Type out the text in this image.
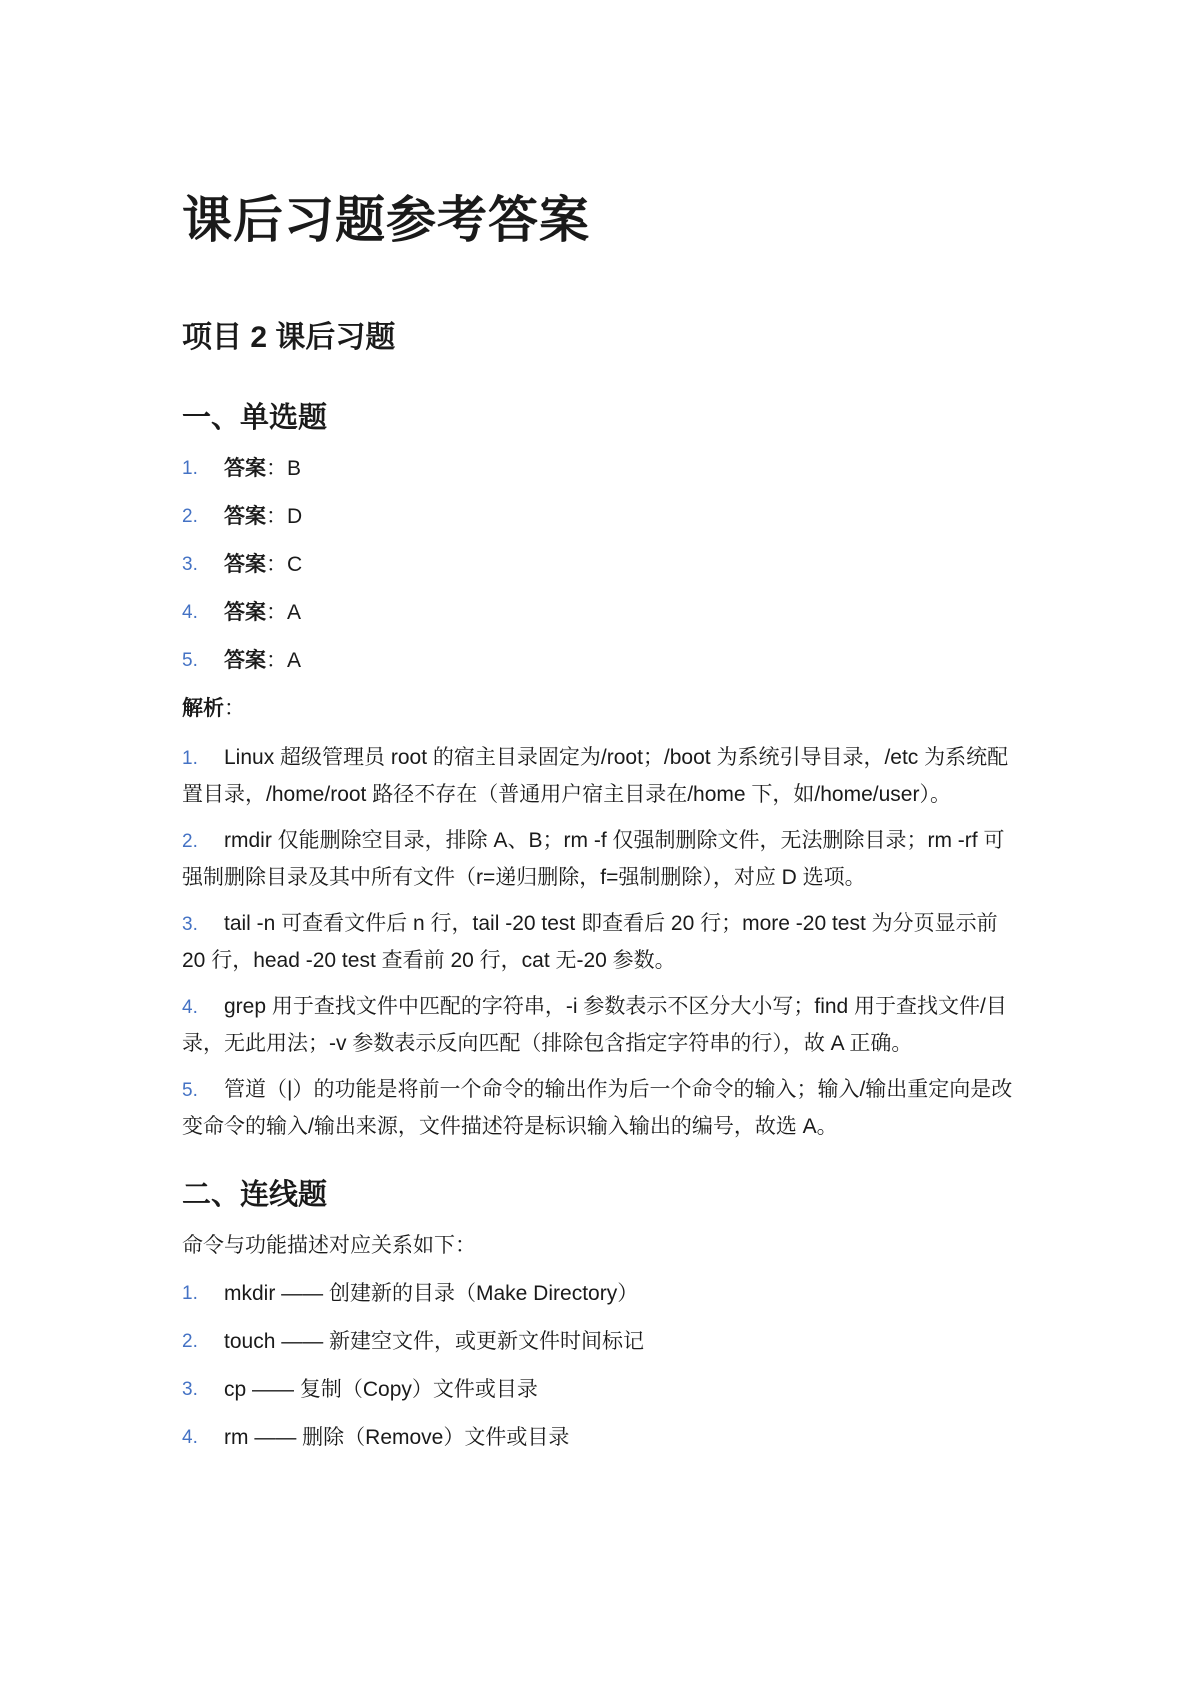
课后习题参考答案
项目 2 课后习题
一、单选题
1.	答案：B
2.	答案：D
3.	答案：C
4.	答案：A
5.	答案：A
解析：

1. Linux 超级管理员 root 的宿主目录固定为/root；/boot 为系统引导目录，/etc 为系统配置目录，/home/root 路径不存在（普通用户宿主目录在/home 下，如/home/user）。

2. rmdir 仅能删除空目录，排除 A、B；rm -f 仅强制删除文件，无法删除目录；rm -rf 可强制删除目录及其中所有文件（r=递归删除，f=强制删除），对应 D 选项。

3. tail -n 可查看文件后 n 行，tail -20 test 即查看后 20 行；more -20 test 为分页显示前 20 行，head -20 test 查看前 20 行，cat 无-20 参数。

4. grep 用于查找文件中匹配的字符串，-i 参数表示不区分大小写；find 用于查找文件/目录，无此用法；-v 参数表示反向匹配（排除包含指定字符串的行），故 A 正确。

5. 管道（|）的功能是将前一个命令的输出作为后一个命令的输入；输入/输出重定向是改变命令的输入/输出来源，文件描述符是标识输入输出的编号，故选 A。

二、连线题
命令与功能描述对应关系如下：
1.	mkdir —— 创建新的目录（Make Directory）
2.	touch —— 新建空文件，或更新文件时间标记
3.	cp —— 复制（Copy）文件或目录
4.	rm —— 删除（Remove）文件或目录
